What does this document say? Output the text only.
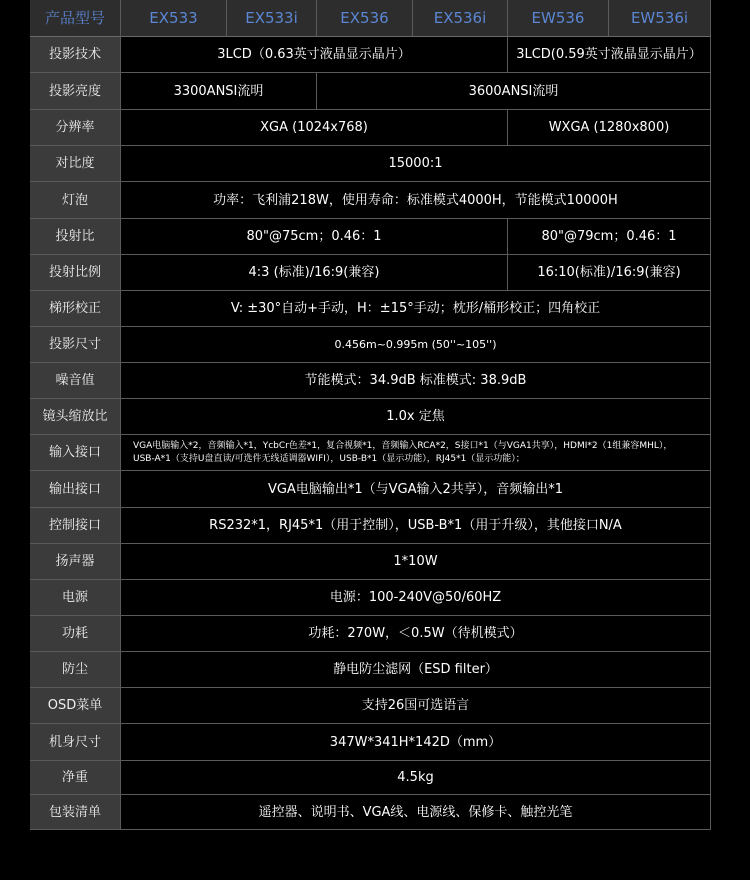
产品型号	EX533	EX533i	EX536	EX536i	EW536	EW536i
投影技术	3LCD（0.63英寸液晶显示晶片）	3LCD(0.59英寸液晶显示晶片）
投影亮度	3300ANSI流明	3600ANSI流明
分辨率	XGA (1024x768)	WXGA (1280x800)
对比度	15000:1
灯泡	功率：飞利浦218W，使用寿命：标准模式4000H，节能模式10000H
投射比	80"@75cm；0.46：1	80"@79cm；0.46：1
投射比例	4:3 (标准)/16:9(兼容)	16:10(标准)/16:9(兼容)
梯形校正	V: ±30°自动+手动，H：±15°手动；枕形/桶形校正；四角校正
投影尺寸	0.456m~0.995m (50''~105'')
噪音值	节能模式：34.9dB 标准模式: 38.9dB
镜头缩放比	1.0x 定焦
输入接口	VGA电脑输入*2，音频输入*1，YcbCr色差*1，复合视频*1，音频输入RCA*2，S接口*1（与VGA1共享），HDMI*2（1组兼容MHL），
USB-A*1（支持U盘直读/可选件无线适调器WIFI），USB-B*1（显示功能），RJ45*1（显示功能）；
输出接口	VGA电脑输出*1（与VGA输入2共享），音频输出*1
控制接口	RS232*1，RJ45*1（用于控制），USB-B*1（用于升级），其他接口N/A
扬声器	1*10W
电源	电源：100-240V@50/60HZ
功耗	功耗：270W，＜0.5W（待机模式）
防尘	静电防尘滤网（ESD filter）
OSD菜单	支持26国可选语言
机身尺寸	347W*341H*142D（mm）
净重	4.5kg
包装清单	遥控器、说明书、VGA线、电源线、保修卡、触控光笔
